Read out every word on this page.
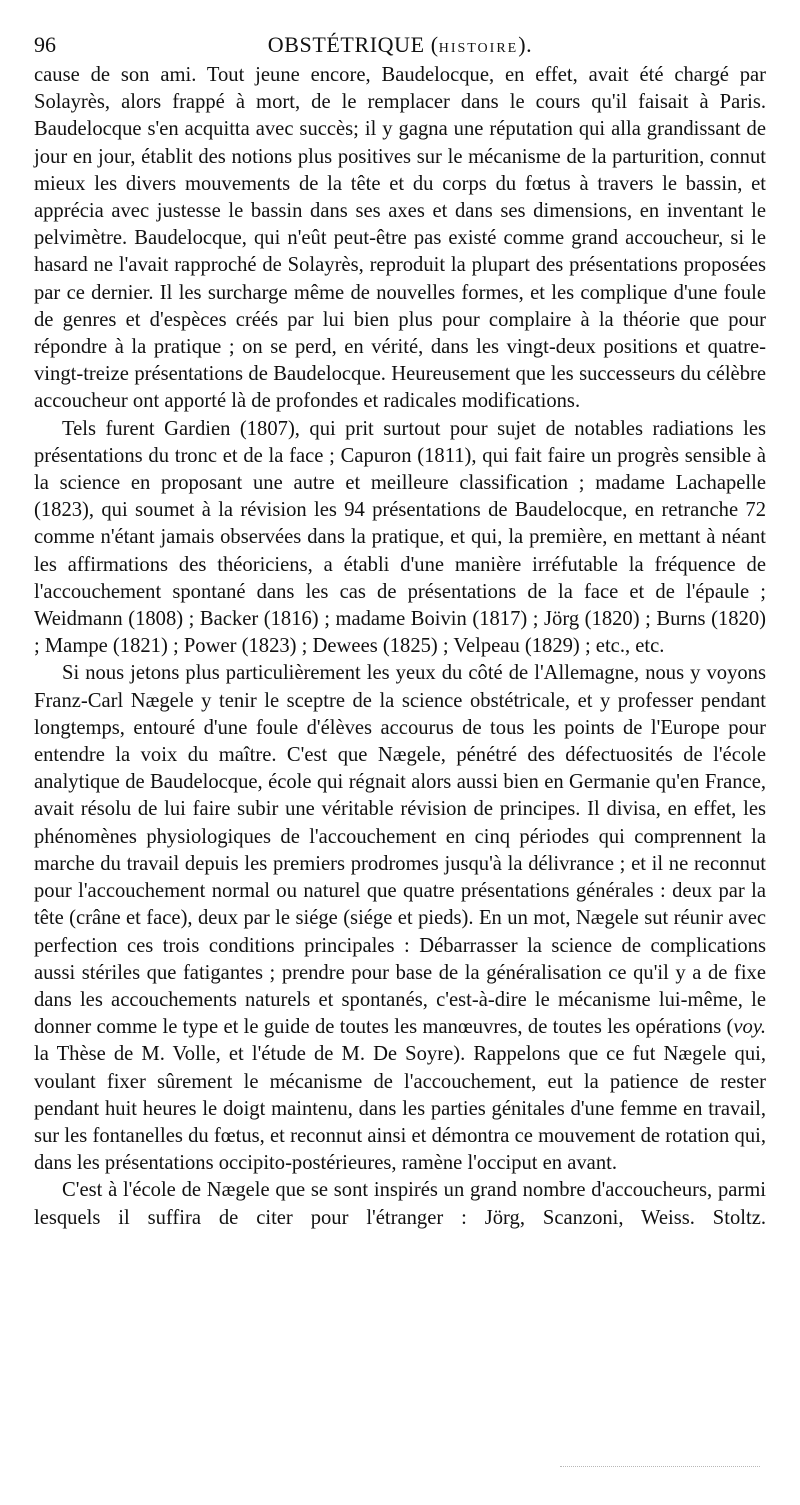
96	OBSTÉTRIQUE (HISTOIRE).

cause de son ami. Tout jeune encore, Baudelocque, en effet, avait été chargé par Solayrès, alors frappé à mort, de le remplacer dans le cours qu'il faisait à Paris. Baudelocque s'en acquitta avec succès; il y gagna une réputation qui alla grandissant de jour en jour, établit des notions plus positives sur le mécanisme de la parturition, connut mieux les divers mouvements de la tête et du corps du fœtus à travers le bassin, et apprécia avec justesse le bassin dans ses axes et dans ses dimensions, en inventant le pelvimètre. Baudelocque, qui n'eût peut-être pas existé comme grand accoucheur, si le hasard ne l'avait rapproché de Solayrès, reproduit la plupart des présentations proposées par ce dernier. Il les surcharge même de nouvelles formes, et les complique d'une foule de genres et d'espèces créés par lui bien plus pour complaire à la théorie que pour répondre à la pratique ; on se perd, en vérité, dans les vingt-deux positions et quatre-vingt-treize présentations de Baudelocque. Heureusement que les successeurs du célèbre accoucheur ont apporté là de profondes et radicales modifications.

Tels furent Gardien (1807), qui prit surtout pour sujet de notables radiations les présentations du tronc et de la face ; Capuron (1811), qui fait faire un progrès sensible à la science en proposant une autre et meilleure classification ; madame Lachapelle (1823), qui soumet à la révision les 94 présentations de Baudelocque, en retranche 72 comme n'étant jamais observées dans la pratique, et qui, la première, en mettant à néant les affirmations des théoriciens, a établi d'une manière irréfutable la fréquence de l'accouchement spontané dans les cas de présentations de la face et de l'épaule ; Weidmann (1808) ; Backer (1816) ; madame Boivin (1817) ; Jörg (1820) ; Burns (1820) ; Mampe (1821) ; Power (1823) ; Dewees (1825) ; Velpeau (1829) ; etc., etc.

Si nous jetons plus particulièrement les yeux du côté de l'Allemagne, nous y voyons Franz-Carl Nægele y tenir le sceptre de la science obstétricale, et y professer pendant longtemps, entouré d'une foule d'élèves accourus de tous les points de l'Europe pour entendre la voix du maître. C'est que Nægele, pénétré des défectuosités de l'école analytique de Baudelocque, école qui régnait alors aussi bien en Germanie qu'en France, avait résolu de lui faire subir une véritable révision de principes. Il divisa, en effet, les phénomènes physiologiques de l'accouchement en cinq périodes qui comprennent la marche du travail depuis les premiers prodromes jusqu'à la délivrance ; et il ne reconnut pour l'accouchement normal ou naturel que quatre présentations générales : deux par la tête (crâne et face), deux par le siége (siége et pieds). En un mot, Nægele sut réunir avec perfection ces trois conditions principales : Débarrasser la science de complications aussi stériles que fatigantes ; prendre pour base de la généralisation ce qu'il y a de fixe dans les accouchements naturels et spontanés, c'est-à-dire le mécanisme lui-même, le donner comme le type et le guide de toutes les manœuvres, de toutes les opérations (voy. la Thèse de M. Volle, et l'étude de M. De Soyre). Rappelons que ce fut Nægele qui, voulant fixer sûrement le mécanisme de l'accouchement, eut la patience de rester pendant huit heures le doigt maintenu, dans les parties génitales d'une femme en travail, sur les fontanelles du fœtus, et reconnut ainsi et démontra ce mouvement de rotation qui, dans les présentations occipito-postérieures, ramène l'occiput en avant.

C'est à l'école de Nægele que se sont inspirés un grand nombre d'accoucheurs, parmi lesquels il suffira de citer pour l'étranger : Jörg, Scanzoni, Weiss. Stoltz.
